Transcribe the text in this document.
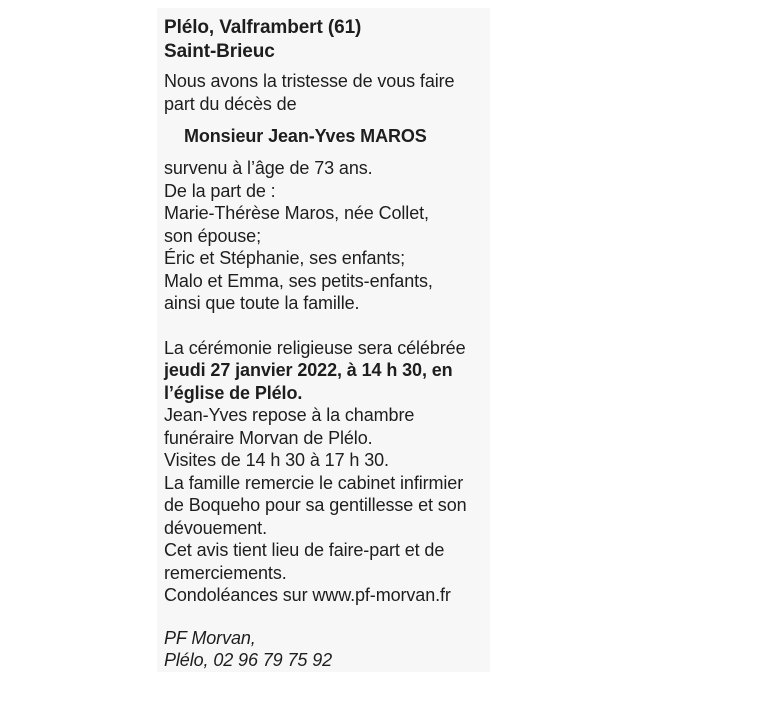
Plélo, Valframbert (61)
Saint-Brieuc
Nous avons la tristesse de vous faire
part du décès de
Monsieur Jean-Yves MAROS
survenu à l’âge de 73 ans.
De la part de :
Marie-Thérèse Maros, née Collet,
son épouse;
Éric et Stéphanie, ses enfants;
Malo et Emma, ses petits-enfants,
ainsi que toute la famille.
La cérémonie religieuse sera célébrée
jeudi 27 janvier 2022, à 14 h 30, en
l’église de Plélo.
Jean-Yves repose à la chambre
funéraire Morvan de Plélo.
Visites de 14 h 30 à 17 h 30.
La famille remercie le cabinet infirmier
de Boqueho pour sa gentillesse et son
dévouement.
Cet avis tient lieu de faire-part et de
remerciements.
Condoléances sur www.pf-morvan.fr
PF Morvan,
Plélo, 02 96 79 75 92
